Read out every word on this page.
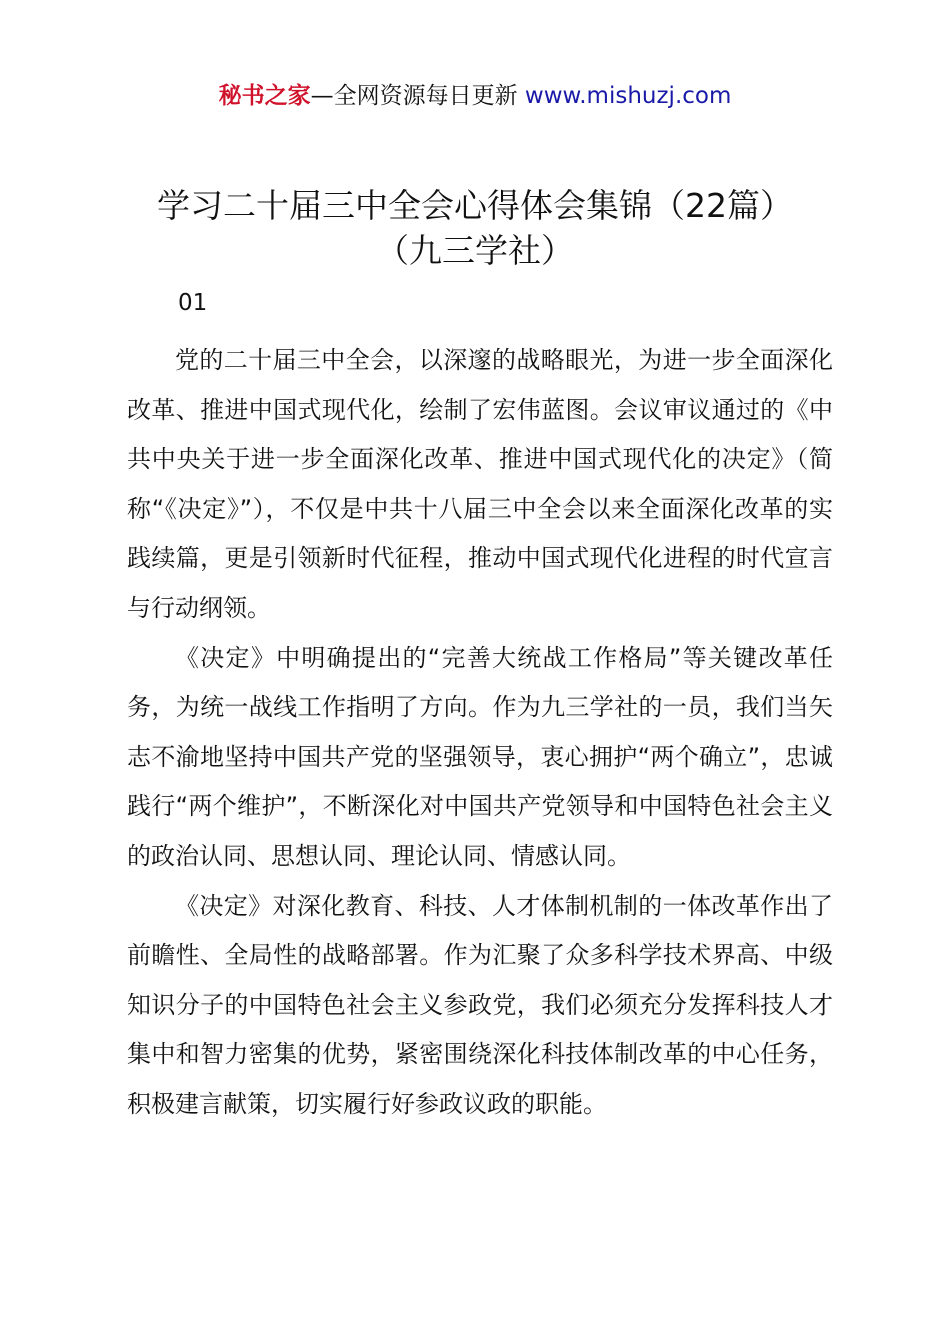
秘书之家—全网资源每日更新 www.mishuzj.com
学习二十届三中全会心得体会集锦（22篇）
（九三学社）
01

党的二十届三中全会，以深邃的战略眼光，为进一步全面深化改革、推进中国式现代化，绘制了宏伟蓝图。会议审议通过的《中共中央关于进一步全面深化改革、推进中国式现代化的决定》（简称“《决定》”），不仅是中共十八届三中全会以来全面深化改革的实践续篇，更是引领新时代征程，推动中国式现代化进程的时代宣言与行动纲领。

《决定》中明确提出的“完善大统战工作格局”等关键改革任务，为统一战线工作指明了方向。作为九三学社的一员，我们当矢志不渝地坚持中国共产党的坚强领导，衷心拥护“两个确立”，忠诚践行“两个维护”，不断深化对中国共产党领导和中国特色社会主义的政治认同、思想认同、理论认同、情感认同。

《决定》对深化教育、科技、人才体制机制的一体改革作出了前瞻性、全局性的战略部署。作为汇聚了众多科学技术界高、中级知识分子的中国特色社会主义参政党，我们必须充分发挥科技人才集中和智力密集的优势，紧密围绕深化科技体制改革的中心任务，积极建言献策，切实履行好参政议政的职能。
